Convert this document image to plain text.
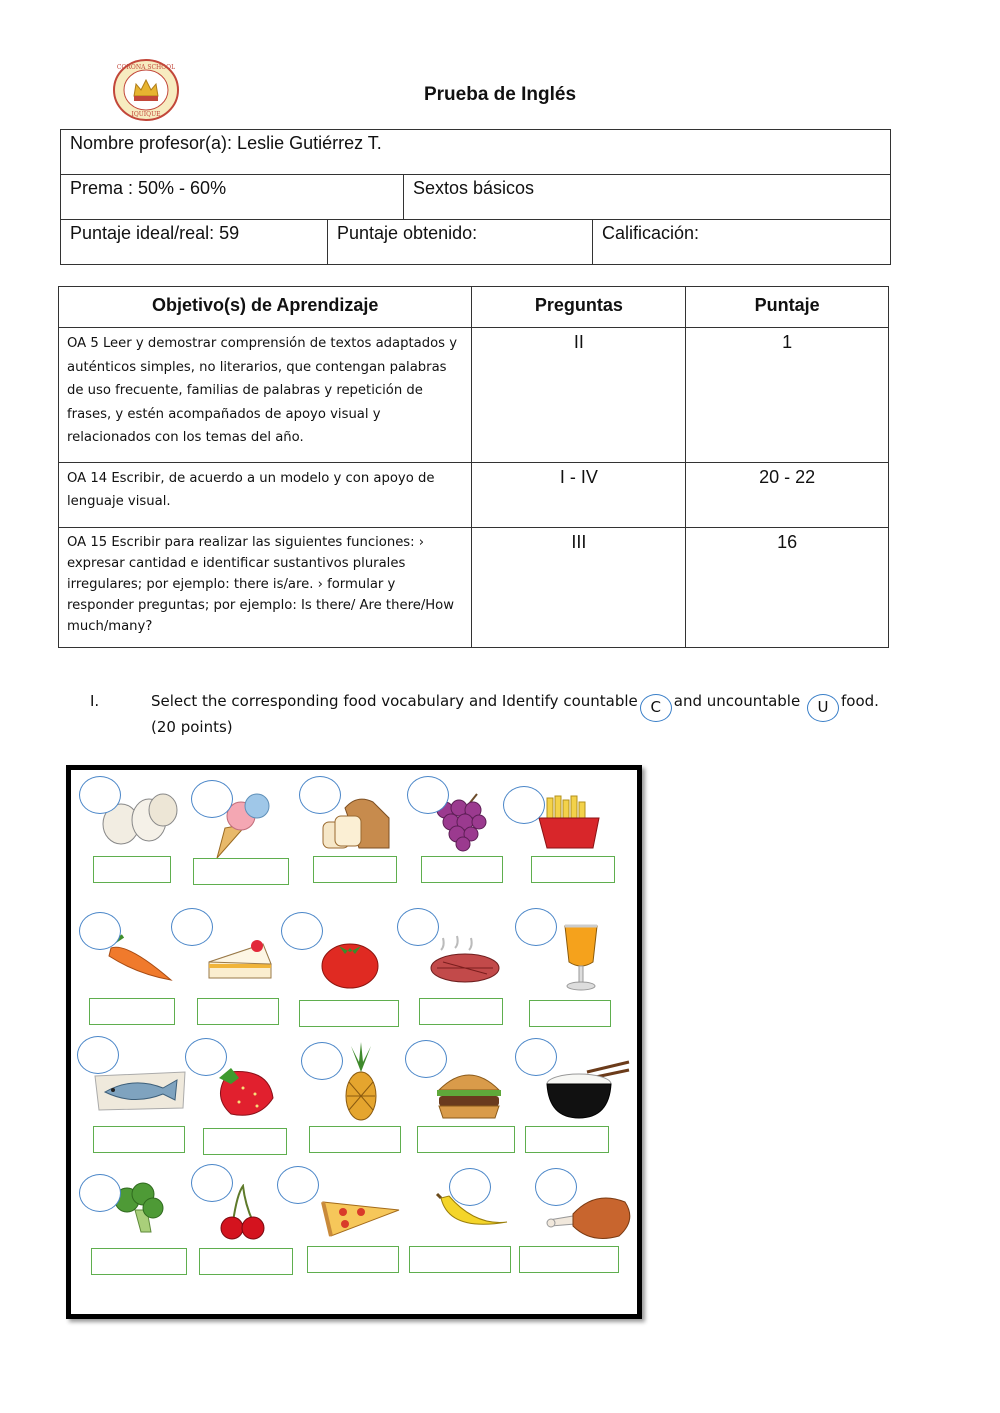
CORONA SCHOOL
IQUIQUE
Prueba de Inglés
Nombre profesor(a): Leslie Gutiérrez T.
Prema : 50% - 60%	Sextos básicos
Puntaje ideal/real: 59	Puntaje obtenido:	Calificación:
Objetivo(s) de Aprendizaje	Preguntas	Puntaje
OA 5 Leer y demostrar comprensión de textos adaptados y auténticos simples, no literarios, que contengan palabras de uso frecuente, familias de palabras y repetición de frases, y estén acompañados de apoyo visual y relacionados con los temas del año.	II	1
OA 14 Escribir, de acuerdo a un modelo y con apoyo de lenguaje visual.	I - IV	20 - 22
OA 15 Escribir para realizar las siguientes funciones: › expresar cantidad e identificar sustantivos plurales irregulares; por ejemplo: there is/are. › formular y responder preguntas; por ejemplo: Is there/ Are there/How much/many?	III	16
I.	Select the corresponding food vocabulary and Identify countable C and uncountable U food.
(20 points)
